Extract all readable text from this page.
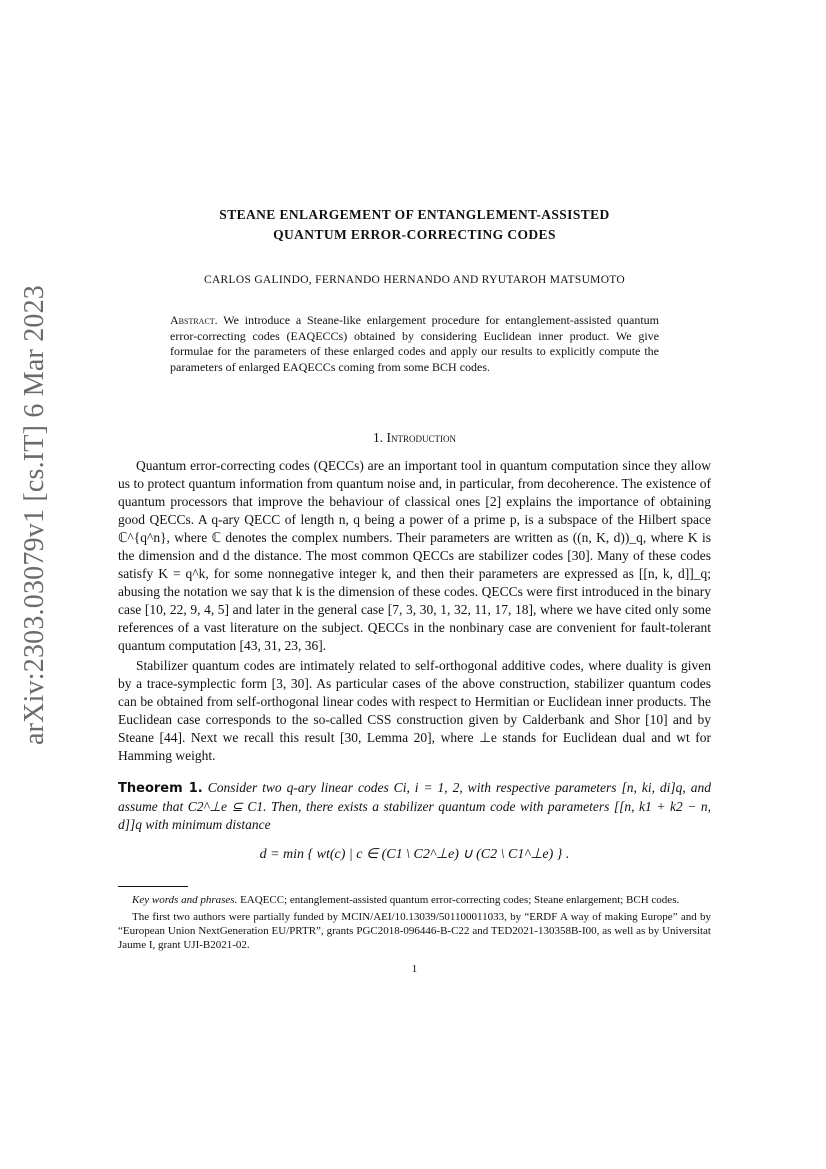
arXiv:2303.03079v1 [cs.IT] 6 Mar 2023
STEANE ENLARGEMENT OF ENTANGLEMENT-ASSISTED
QUANTUM ERROR-CORRECTING CODES
CARLOS GALINDO, FERNANDO HERNANDO AND RYUTAROH MATSUMOTO
Abstract. We introduce a Steane-like enlargement procedure for entanglement-assisted quantum error-correcting codes (EAQECCs) obtained by considering Euclidean inner product. We give formulae for the parameters of these enlarged codes and apply our results to explicitly compute the parameters of enlarged EAQECCs coming from some BCH codes.
1. Introduction

Quantum error-correcting codes (QECCs) are an important tool in quantum computation since they allow us to protect quantum information from quantum noise and, in particular, from decoherence. The existence of quantum processors that improve the behaviour of classical ones [2] explains the importance of obtaining good QECCs. A q-ary QECC of length n, q being a power of a prime p, is a subspace of the Hilbert space ℂ^{q^n}, where ℂ denotes the complex numbers. Their parameters are written as ((n, K, d))_q, where K is the dimension and d the distance. The most common QECCs are stabilizer codes [30]. Many of these codes satisfy K = q^k, for some nonnegative integer k, and then their parameters are expressed as [[n, k, d]]_q; abusing the notation we say that k is the dimension of these codes. QECCs were first introduced in the binary case [10, 22, 9, 4, 5] and later in the general case [7, 3, 30, 1, 32, 11, 17, 18], where we have cited only some references of a vast literature on the subject. QECCs in the nonbinary case are convenient for fault-tolerant quantum computation [43, 31, 23, 36].

Stabilizer quantum codes are intimately related to self-orthogonal additive codes, where duality is given by a trace-symplectic form [3, 30]. As particular cases of the above construction, stabilizer quantum codes can be obtained from self-orthogonal linear codes with respect to Hermitian or Euclidean inner products. The Euclidean case corresponds to the so-called CSS construction given by Calderbank and Shor [10] and by Steane [44]. Next we recall this result [30, Lemma 20], where ⊥e stands for Euclidean dual and wt for Hamming weight.

Theorem 1. Consider two q-ary linear codes Ci, i = 1, 2, with respective parameters [n, ki, di]q, and assume that C2^⊥e ⊆ C1. Then, there exists a stabilizer quantum code with parameters [[n, k1 + k2 − n, d]]q with minimum distance
d = min { wt(c) | c ∈ (C1 \ C2^⊥e) ∪ (C2 \ C1^⊥e) } .

Key words and phrases. EAQECC; entanglement-assisted quantum error-correcting codes; Steane enlargement; BCH codes.

The first two authors were partially funded by MCIN/AEI/10.13039/501100011033, by “ERDF A way of making Europe” and by “European Union NextGeneration EU/PRTR”, grants PGC2018-096446-B-C22 and TED2021-130358B-I00, as well as by Universitat Jaume I, grant UJI-B2021-02.

1
